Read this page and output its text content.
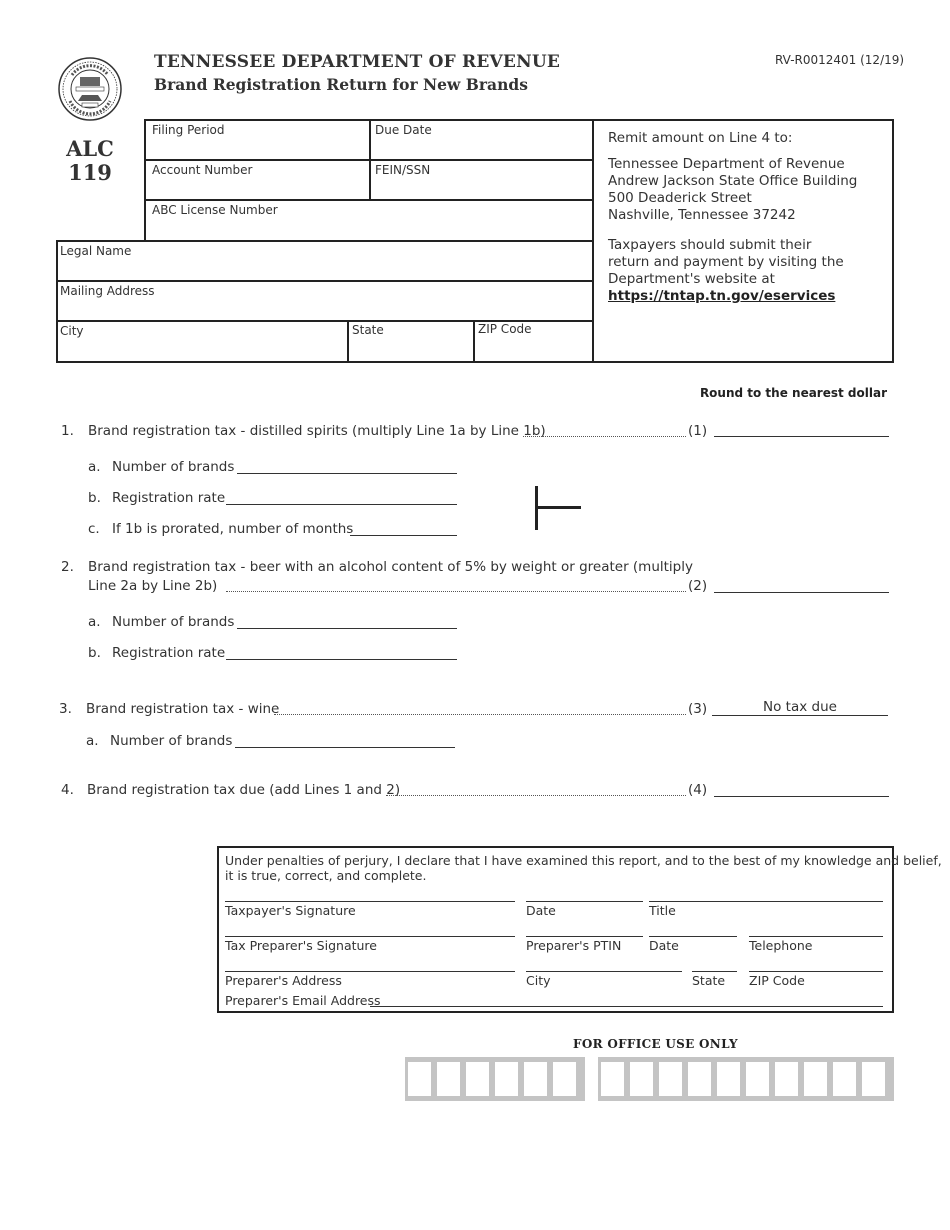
TENNESSEE DEPARTMENT OF REVENUE
Brand Registration Return for New Brands
RV-R0012401 (12/19)
ALC
119
Filing Period	Due Date
Account Number	FEIN/SSN
ABC License Number
Legal Name
Mailing Address
City	State	ZIP Code

Remit amount on Line 4 to:

Tennessee Department of Revenue
Andrew Jackson State Office Building
500 Deaderick Street
Nashville, Tennessee 37242

Taxpayers should submit their
return and payment by visiting the
Department's website at
https://tntap.tn.gov/eservices

Round to the nearest dollar
1. Brand registration tax - distilled spirits (multiply Line 1a by Line 1b)	(1)
a. Number of brands
b. Registration rate
c. If 1b is prorated, number of months
2. Brand registration tax - beer with an alcohol content of 5% by weight or greater (multiply
Line 2a by Line 2b)	(2)
a. Number of brands
b. Registration rate
3. Brand registration tax - wine	(3)	No tax due
a. Number of brands
4. Brand registration tax due (add Lines 1 and 2)	(4)
Under penalties of perjury, I declare that I have examined this report, and to the best of my knowledge and belief,
it is true, correct, and complete.
Taxpayer's Signature	Date	Title
Tax Preparer's Signature	Preparer's PTIN Date	Telephone
Preparer's Address	City	State ZIP Code
Preparer's Email Address
FOR OFFICE USE ONLY
